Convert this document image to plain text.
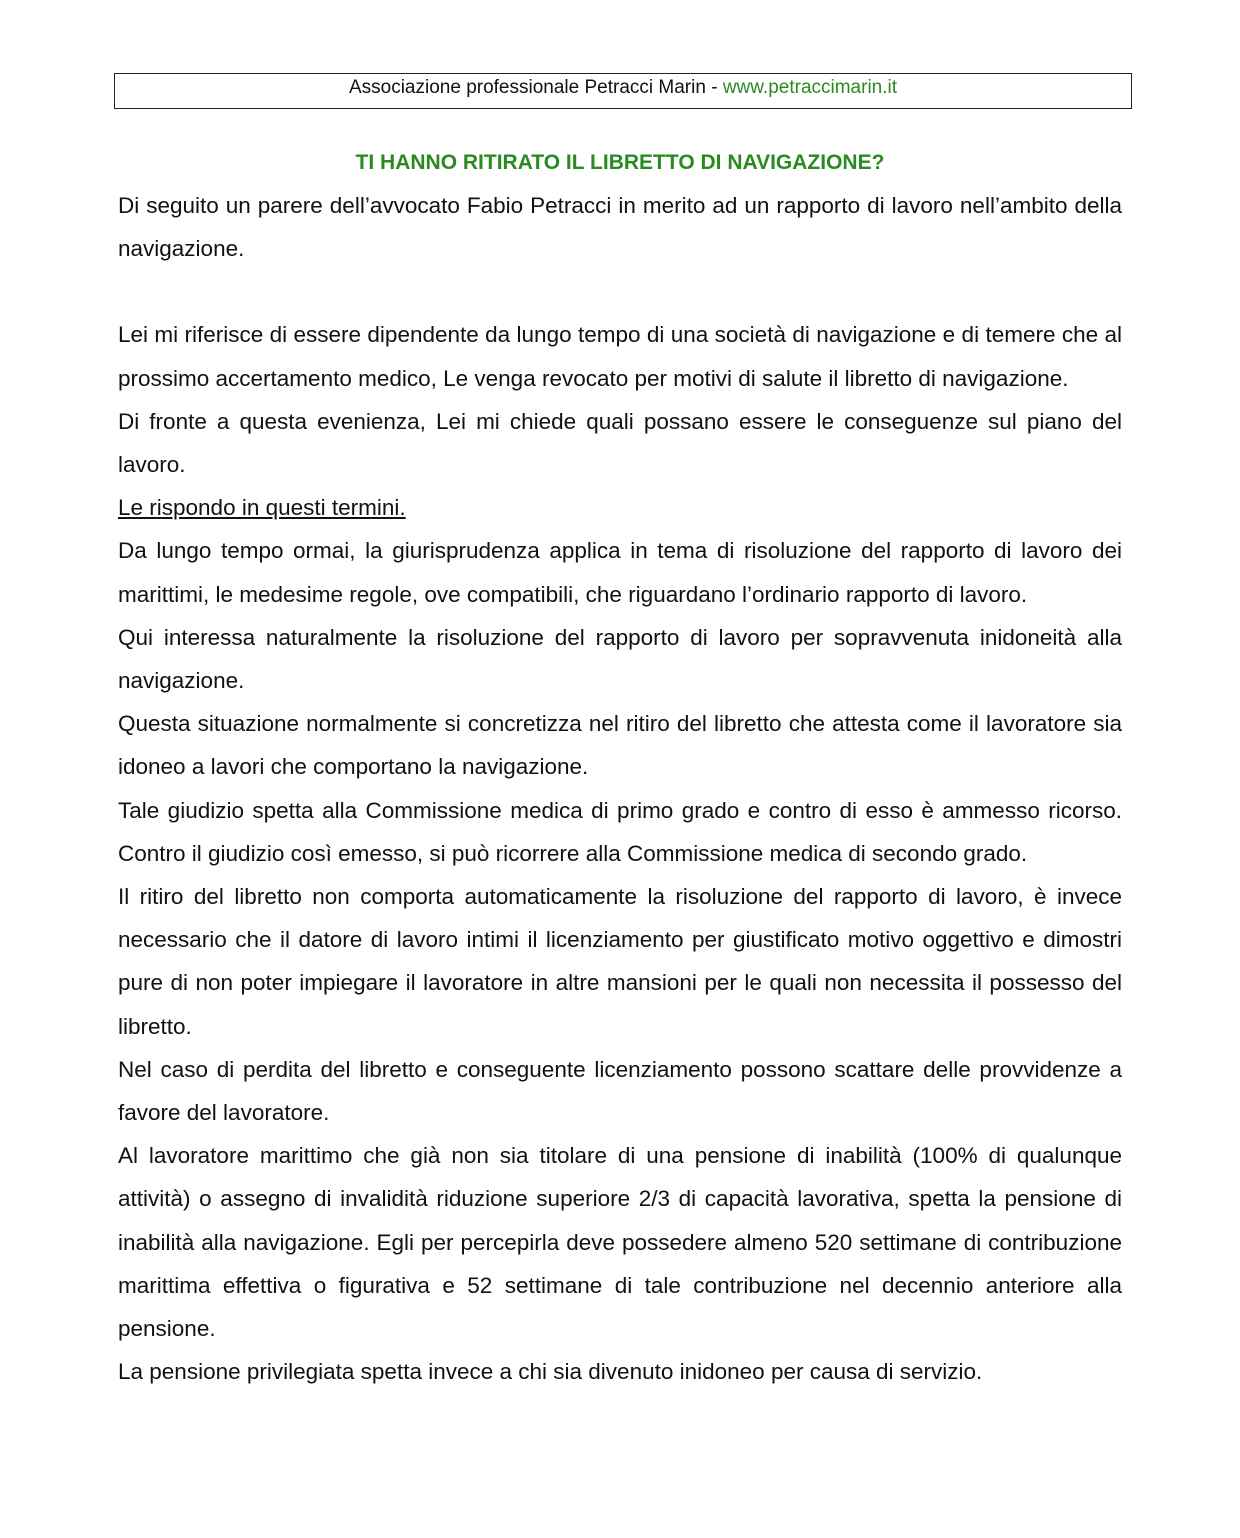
Associazione professionale Petracci Marin - www.petraccimarin.it
TI HANNO RITIRATO IL LIBRETTO DI NAVIGAZIONE?

Di seguito un parere dell’avvocato Fabio Petracci in merito ad un rapporto di lavoro nell’ambito della navigazione.

Lei mi riferisce di essere dipendente da lungo tempo di una società di navigazione e di temere che al prossimo accertamento medico, Le venga revocato per motivi di salute il libretto di navigazione.

Di fronte a questa evenienza, Lei mi chiede quali possano essere le conseguenze sul piano del lavoro.

Le rispondo in questi termini.

Da lungo tempo ormai, la giurisprudenza applica in tema di risoluzione del rapporto di lavoro dei marittimi, le medesime regole, ove compatibili, che riguardano l’ordinario rapporto di lavoro.

Qui interessa naturalmente la risoluzione del rapporto di lavoro per sopravvenuta inidoneità alla navigazione.

Questa situazione normalmente si concretizza nel ritiro del libretto che attesta come il lavoratore sia idoneo a lavori che comportano la navigazione.

Tale giudizio spetta alla Commissione medica di primo grado e contro di esso è ammesso ricorso. Contro il giudizio così emesso, si può ricorrere alla Commissione medica di secondo grado.

Il ritiro del libretto non comporta automaticamente la risoluzione del rapporto di lavoro, è invece necessario che il datore di lavoro intimi il licenziamento per giustificato motivo oggettivo e dimostri pure di non poter impiegare il lavoratore in altre mansioni per le quali non necessita il possesso del libretto.

Nel caso di perdita del libretto e conseguente licenziamento possono scattare delle provvidenze a favore del lavoratore.

Al lavoratore marittimo che già non sia titolare di una pensione di inabilità (100% di qualunque attività) o assegno di invalidità riduzione superiore 2/3 di capacità lavorativa, spetta la pensione di inabilità alla navigazione. Egli per percepirla deve possedere almeno 520 settimane di contribuzione marittima effettiva o figurativa e 52 settimane di tale contribuzione nel decennio anteriore alla pensione.

La pensione privilegiata spetta invece a chi sia divenuto inidoneo per causa di servizio.
